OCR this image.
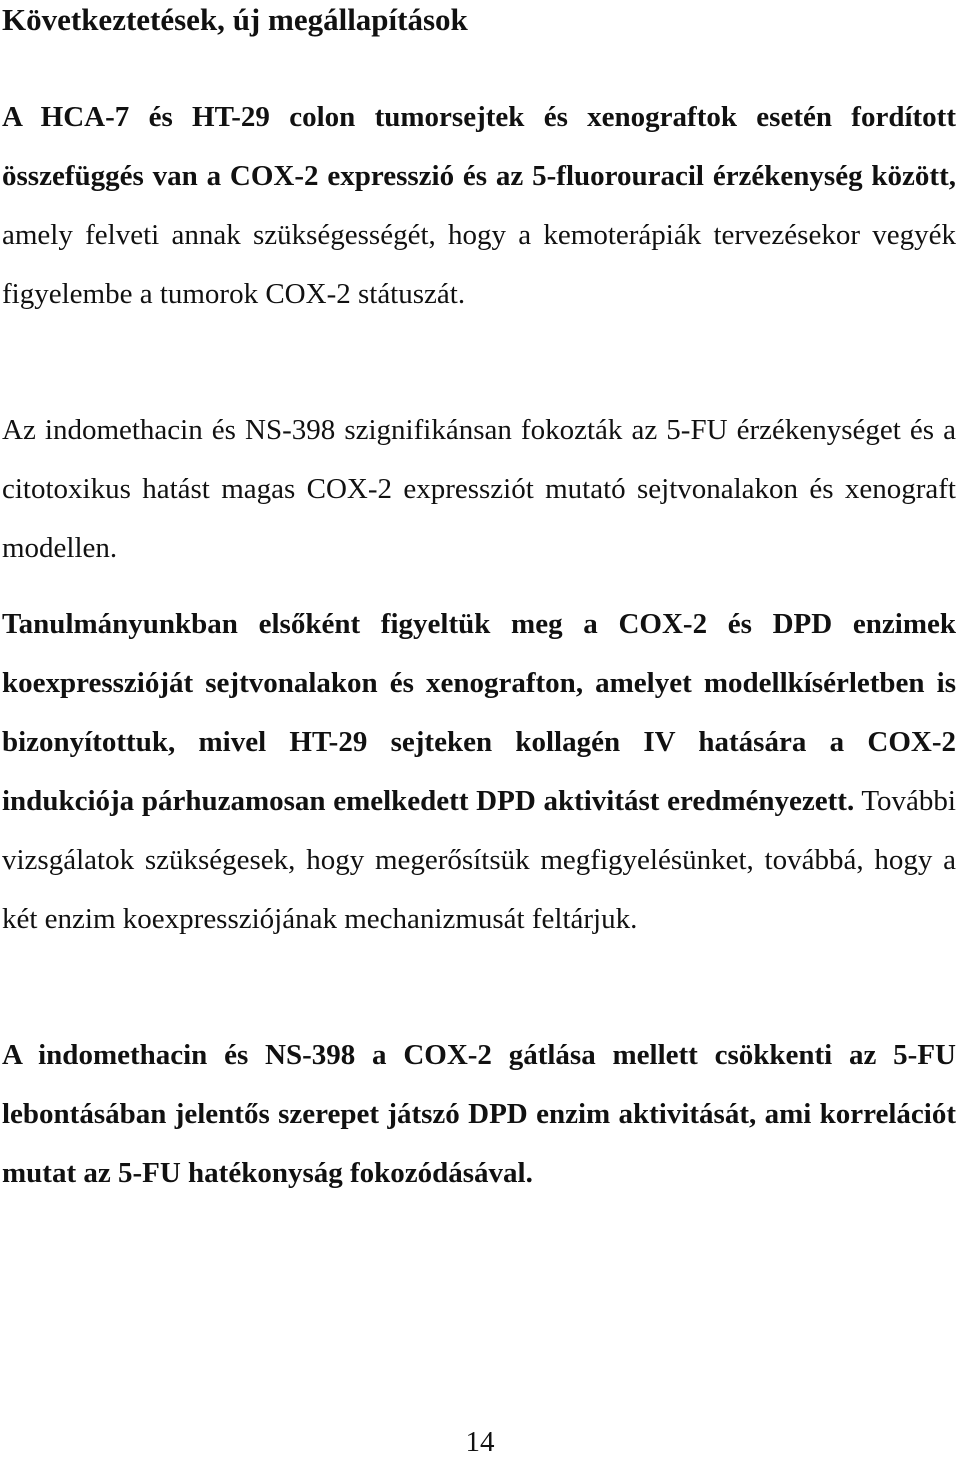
Következtetések, új megállapítások

A HCA-7 és HT-29 colon tumorsejtek és xenograftok esetén fordított összefüggés van a COX-2 expresszió és az 5-fluorouracil érzékenység között, amely felveti annak szükségességét, hogy a kemoterápiák tervezésekor vegyék figyelembe a tumorok COX-2 státuszát.

Az indomethacin és NS-398 szignifikánsan fokozták az 5-FU érzékenységet és a citotoxikus hatást magas COX-2 expressziót mutató sejtvonalakon és xenograft modellen.

Tanulmányunkban elsőként figyeltük meg a COX-2 és DPD enzimek koexpresszióját sejtvonalakon és xenografton, amelyet modellkísérletben is bizonyítottuk, mivel HT-29 sejteken kollagén IV hatására a COX-2 indukciója párhuzamosan emelkedett DPD aktivitást eredményezett. További vizsgálatok szükségesek, hogy megerősítsük megfigyelésünket, továbbá, hogy a két enzim koexpressziójának mechanizmusát feltárjuk.

A indomethacin és NS-398 a COX-2 gátlása mellett csökkenti az 5-FU lebontásában jelentős szerepet játszó DPD enzim aktivitását, ami korrelációt mutat az 5-FU hatékonyság fokozódásával.

14
